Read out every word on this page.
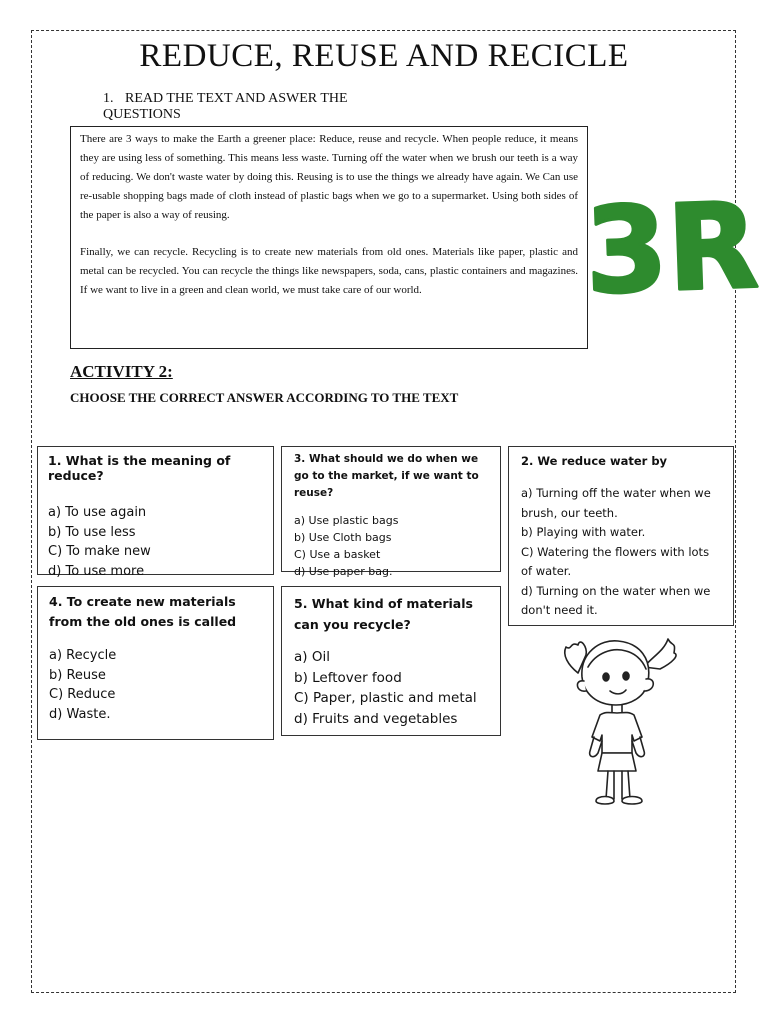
REDUCE, REUSE AND RECICLE
1. READ THE TEXT AND ASWER THE QUESTIONS

There are 3 ways to make the Earth a greener place: Reduce, reuse and recycle. When people reduce, it means they are using less of something. This means less waste. Turning off the water when we brush our teeth is a way of reducing. We don't waste water by doing this. Reusing is to use the things we already have again. We Can use re-usable shopping bags made of cloth instead of plastic bags when we go to a supermarket. Using both sides of the paper is also a way of reusing.

Finally, we can recycle. Recycling is to create new materials from old ones. Materials like paper, plastic and metal can be recycled. You can recycle the things like newspapers, soda, cans, plastic containers and magazines. If we want to live in a green and clean world, we must take care of our world.	3R
ACTIVITY 2:
CHOOSE THE CORRECT ANSWER ACCORDING TO THE TEXT
1. What is the meaning of reduce?
a) To use again
b) To use less
C) To make new
d) To use more
3. What should we do when we go to the market, if we want to reuse?
a) Use plastic bags
b) Use Cloth bags
C) Use a basket
d) Use paper bag.
2. We reduce water by
a) Turning off the water when we brush, our teeth.
b) Playing with water.
C) Watering the flowers with lots of water.
d) Turning on the water when we don't need it.
4. To create new materials from the old ones is called
a) Recycle
b) Reuse
C) Reduce
d) Waste.
5. What kind of materials can you recycle?
a) Oil
b) Leftover food
C) Paper, plastic and metal
d) Fruits and vegetables
